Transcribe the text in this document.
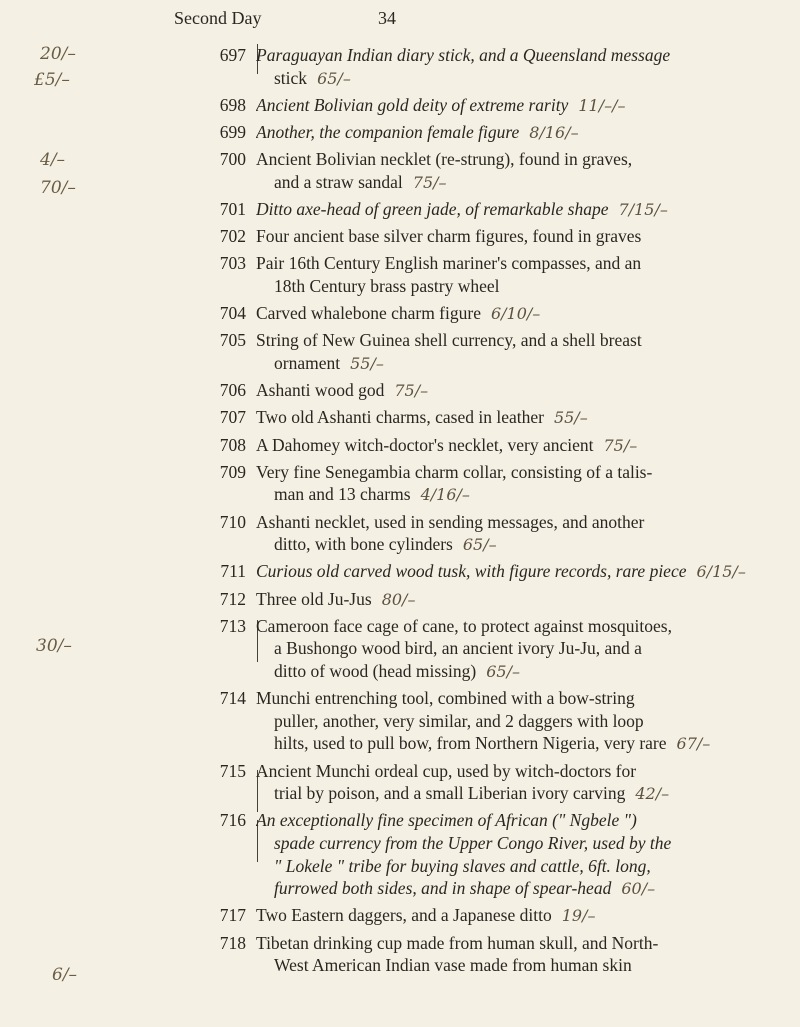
Second Day	34
20/–
£5/–
4/–
70/–
30/–
6/–
697 Paraguayan Indian diary stick, and a Queensland message
stick 65/–
698 Ancient Bolivian gold deity of extreme rarity 11/–/–
699 Another, the companion female figure 8/16/–
700 Ancient Bolivian necklet (re-strung), found in graves,
and a straw sandal 75/–
701 Ditto axe-head of green jade, of remarkable shape 7/15/–
702 Four ancient base silver charm figures, found in graves
703 Pair 16th Century English mariner's compasses, and an
18th Century brass pastry wheel
704 Carved whalebone charm figure 6/10/–
705 String of New Guinea shell currency, and a shell breast
ornament 55/–
706 Ashanti wood god 75/–
707 Two old Ashanti charms, cased in leather 55/–
708 A Dahomey witch-doctor's necklet, very ancient 75/–
709 Very fine Senegambia charm collar, consisting of a talis-
man and 13 charms 4/16/–
710 Ashanti necklet, used in sending messages, and another
ditto, with bone cylinders 65/–
711 Curious old carved wood tusk, with figure records, rare piece 6/15/–
712 Three old Ju-Jus 80/–
713 Cameroon face cage of cane, to protect against mosquitoes,
a Bushongo wood bird, an ancient ivory Ju-Ju, and a
ditto of wood (head missing) 65/–
714 Munchi entrenching tool, combined with a bow-string
puller, another, very similar, and 2 daggers with loop
hilts, used to pull bow, from Northern Nigeria, very rare 67/–
715 Ancient Munchi ordeal cup, used by witch-doctors for
trial by poison, and a small Liberian ivory carving 42/–
716 An exceptionally fine specimen of African (" Ngbele ")
spade currency from the Upper Congo River, used by the
" Lokele " tribe for buying slaves and cattle, 6ft. long,
furrowed both sides, and in shape of spear-head 60/–
717 Two Eastern daggers, and a Japanese ditto 19/–
718 Tibetan drinking cup made from human skull, and North-
West American Indian vase made from human skin
